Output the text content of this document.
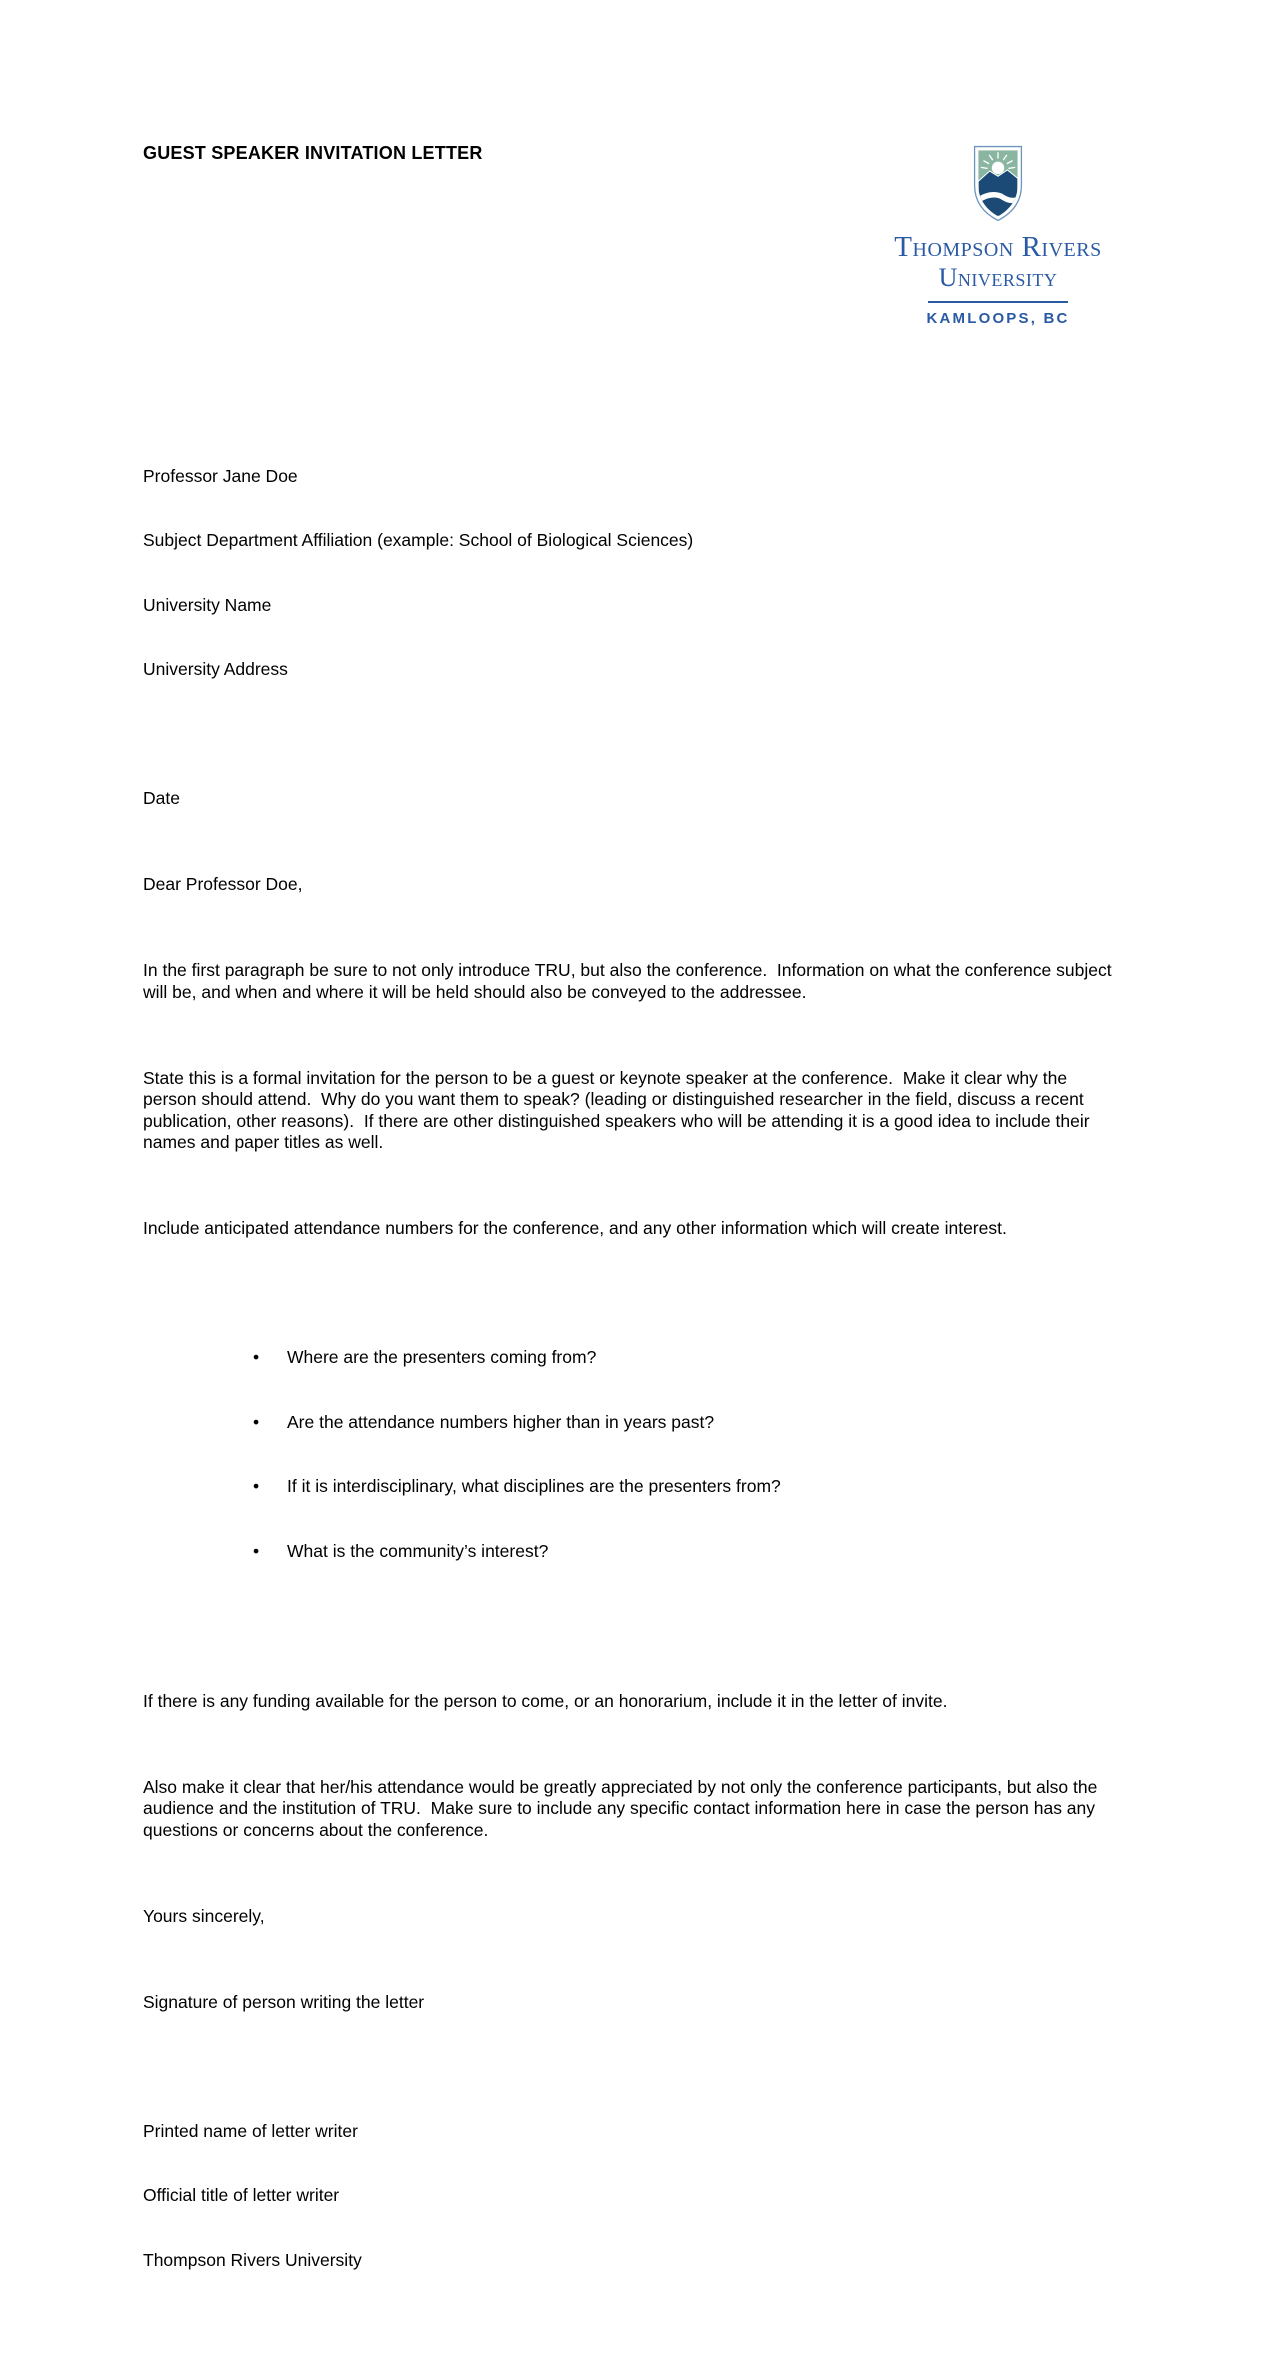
GUEST SPEAKER INVITATION LETTER
Thompson Rivers
University
KAMLOOPS, BC

Professor Jane Doe

Subject Department Affiliation (example: School of Biological Sciences)

University Name

University Address

Date

Dear Professor Doe,

In the first paragraph be sure to not only introduce TRU, but also the conference.  Information on what the conference subject will be, and when and where it will be held should also be conveyed to the addressee.

State this is a formal invitation for the person to be a guest or keynote speaker at the conference.  Make it clear why the person should attend.  Why do you want them to speak? (leading or distinguished researcher in the field, discuss a recent publication, other reasons).  If there are other distinguished speakers who will be attending it is a good idea to include their names and paper titles as well.

Include anticipated attendance numbers for the conference, and any other information which will create interest.

•	Where are the presenters coming from?

•	Are the attendance numbers higher than in years past?

•	If it is interdisciplinary, what disciplines are the presenters from?

•	What is the community’s interest?

If there is any funding available for the person to come, or an honorarium, include it in the letter of invite.

Also make it clear that her/his attendance would be greatly appreciated by not only the conference participants, but also the audience and the institution of TRU.  Make sure to include any specific contact information here in case the person has any questions or concerns about the conference.

Yours sincerely,

Signature of person writing the letter

Printed name of letter writer

Official title of letter writer

Thompson Rivers University
